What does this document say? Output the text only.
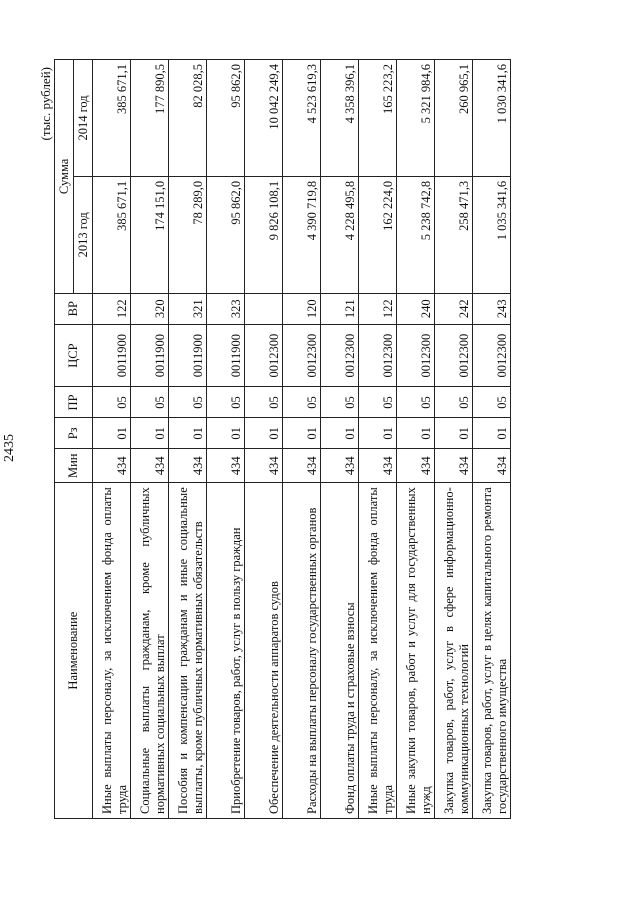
2435
(тыс. рублей)
Наименование	Мин	Рз	ПР	ЦСР	ВР	Сумма	
						2013 год	2014 год
Иные выплаты персоналу, за исключением фонда оплаты труда	434	01	05	0011900	122	385 671,1	385 671,1
Социальные выплаты гражданам, кроме публичных нормативных социальных выплат	434	01	05	0011900	320	174 151,0	177 890,5
Пособия и компенсации гражданам и иные социальные выплаты, кроме публичных нормативных обязательств	434	01	05	0011900	321	78 289,0	82 028,5
Приобретение товаров, работ, услуг в пользу граждан	434	01	05	0011900	323	95 862,0	95 862,0
Обеспечение деятельности аппаратов судов	434	01	05	0012300		9 826 108,1	10 042 249,4
Расходы на выплаты персоналу государственных органов	434	01	05	0012300	120	4 390 719,8	4 523 619,3
Фонд оплаты труда и страховые взносы	434	01	05	0012300	121	4 228 495,8	4 358 396,1
Иные выплаты персоналу, за исключением фонда оплаты труда	434	01	05	0012300	122	162 224,0	165 223,2
Иные закупки товаров, работ и услуг для государственных нужд	434	01	05	0012300	240	5 238 742,8	5 321 984,6
Закупка товаров, работ, услуг в сфере информационно-коммуникационных технологий	434	01	05	0012300	242	258 471,3	260 965,1
Закупка товаров, работ, услуг в целях капитального ремонта государственного имущества	434	01	05	0012300	243	1 035 341,6	1 030 341,6
